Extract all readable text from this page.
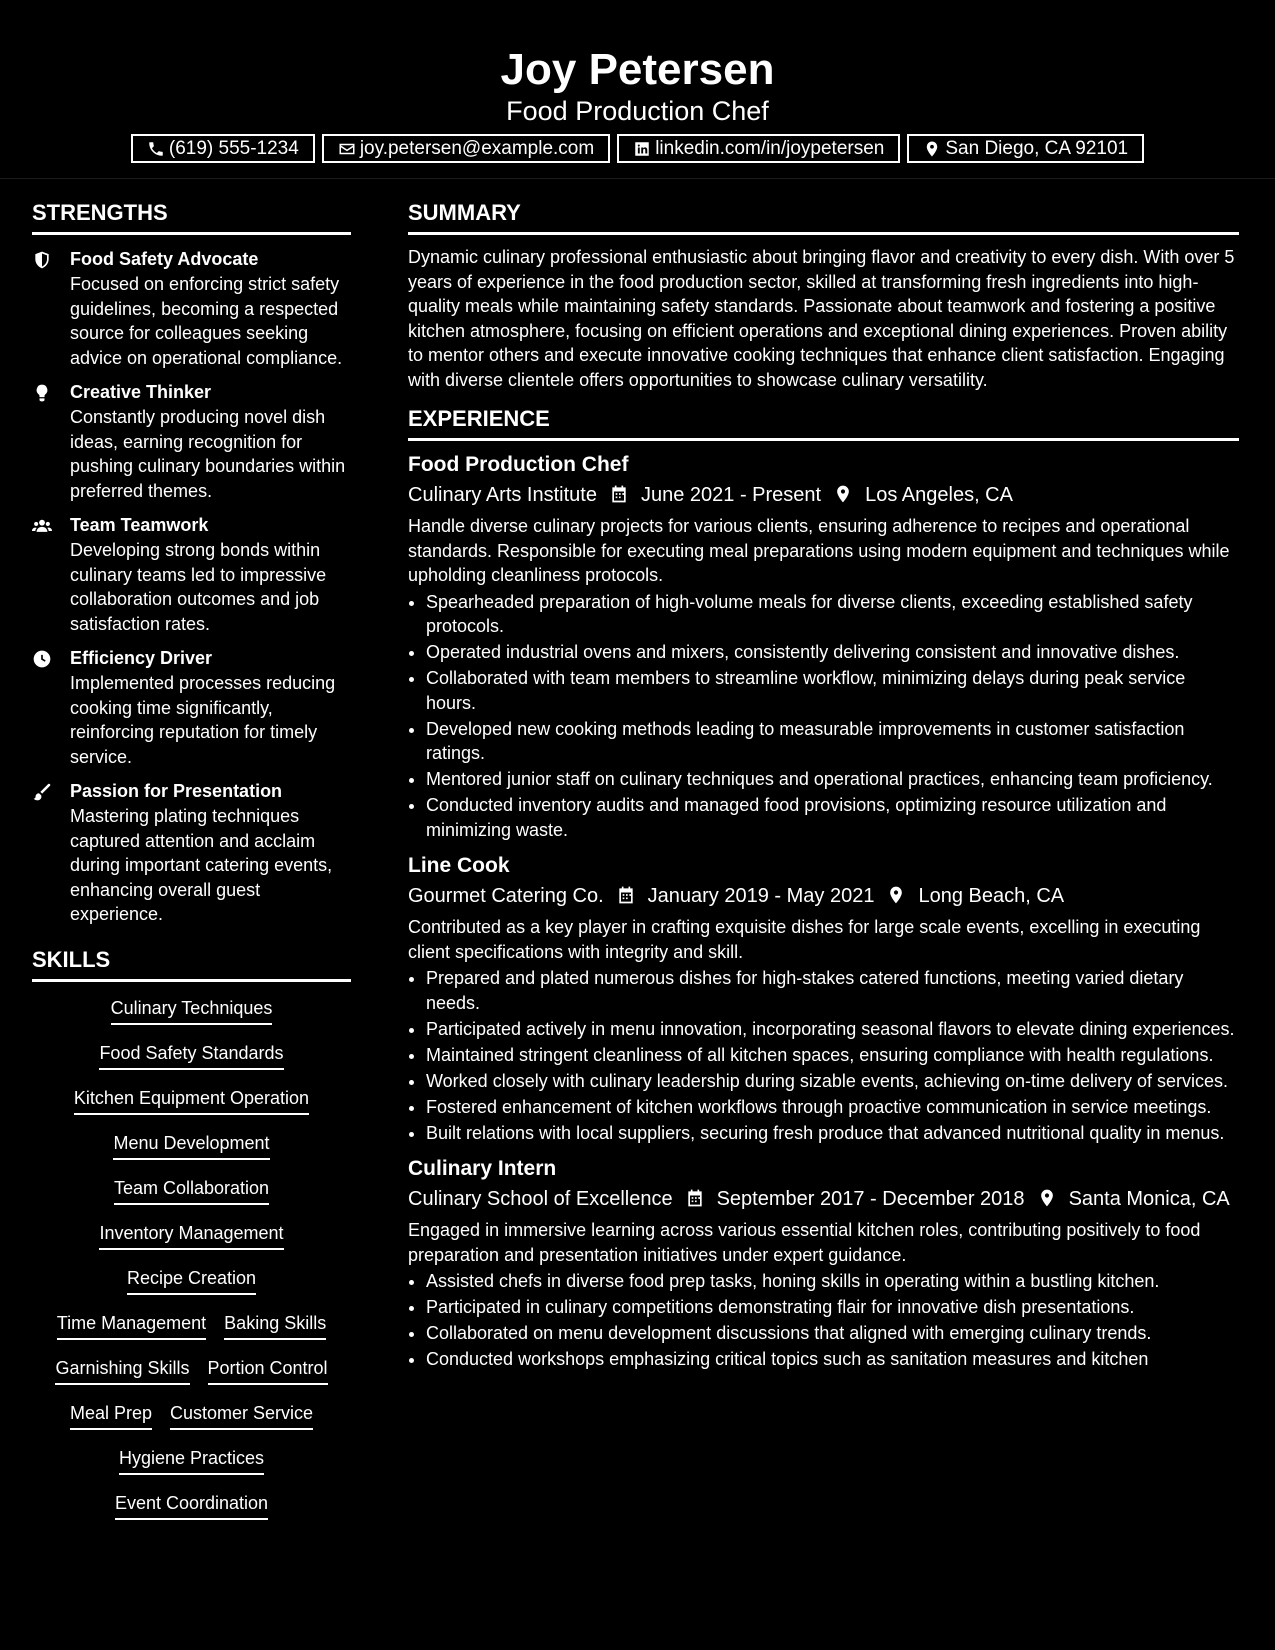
Joy Petersen
Food Production Chef
(619) 555-1234	joy.petersen@example.com	linkedin.com/in/joypetersen	San Diego, CA 92101
STRENGTHS
Food Safety Advocate
Focused on enforcing strict safety guidelines, becoming a respected source for colleagues seeking advice on operational compliance.
Creative Thinker
Constantly producing novel dish ideas, earning recognition for pushing culinary boundaries within preferred themes.
Team Teamwork
Developing strong bonds within culinary teams led to impressive collaboration outcomes and job satisfaction rates.
Efficiency Driver
Implemented processes reducing cooking time significantly, reinforcing reputation for timely service.
Passion for Presentation
Mastering plating techniques captured attention and acclaim during important catering events, enhancing overall guest experience.
SKILLS
Culinary Techniques
Food Safety Standards
Kitchen Equipment Operation
Menu Development
Team Collaboration
Inventory Management
Recipe Creation
Time Management Baking Skills
Garnishing Skills Portion Control
Meal Prep Customer Service
Hygiene Practices
Event Coordination
SUMMARY
Dynamic culinary professional enthusiastic about bringing flavor and creativity to every dish. With over 5 years of experience in the food production sector, skilled at transforming fresh ingredients into high-quality meals while maintaining safety standards. Passionate about teamwork and fostering a positive kitchen atmosphere, focusing on efficient operations and exceptional dining experiences. Proven ability to mentor others and execute innovative cooking techniques that enhance client satisfaction. Engaging with diverse clientele offers opportunities to showcase culinary versatility.
EXPERIENCE
Food Production Chef
Culinary Arts Institute June 2021 - Present Los Angeles, CA
Handle diverse culinary projects for various clients, ensuring adherence to recipes and operational standards. Responsible for executing meal preparations using modern equipment and techniques while upholding cleanliness protocols.
• Spearheaded preparation of high-volume meals for diverse clients, exceeding established safety protocols.
• Operated industrial ovens and mixers, consistently delivering consistent and innovative dishes.
• Collaborated with team members to streamline workflow, minimizing delays during peak service hours.
• Developed new cooking methods leading to measurable improvements in customer satisfaction ratings.
• Mentored junior staff on culinary techniques and operational practices, enhancing team proficiency.
• Conducted inventory audits and managed food provisions, optimizing resource utilization and minimizing waste.
Line Cook
Gourmet Catering Co. January 2019 - May 2021 Long Beach, CA
Contributed as a key player in crafting exquisite dishes for large scale events, excelling in executing client specifications with integrity and skill.
• Prepared and plated numerous dishes for high-stakes catered functions, meeting varied dietary needs.
• Participated actively in menu innovation, incorporating seasonal flavors to elevate dining experiences.
• Maintained stringent cleanliness of all kitchen spaces, ensuring compliance with health regulations.
• Worked closely with culinary leadership during sizable events, achieving on-time delivery of services.
• Fostered enhancement of kitchen workflows through proactive communication in service meetings.
• Built relations with local suppliers, securing fresh produce that advanced nutritional quality in menus.
Culinary Intern
Culinary School of Excellence September 2017 - December 2018 Santa Monica, CA
Engaged in immersive learning across various essential kitchen roles, contributing positively to food preparation and presentation initiatives under expert guidance.
• Assisted chefs in diverse food prep tasks, honing skills in operating within a bustling kitchen.
• Participated in culinary competitions demonstrating flair for innovative dish presentations.
• Collaborated on menu development discussions that aligned with emerging culinary trends.
• Conducted workshops emphasizing critical topics such as sanitation measures and kitchen
